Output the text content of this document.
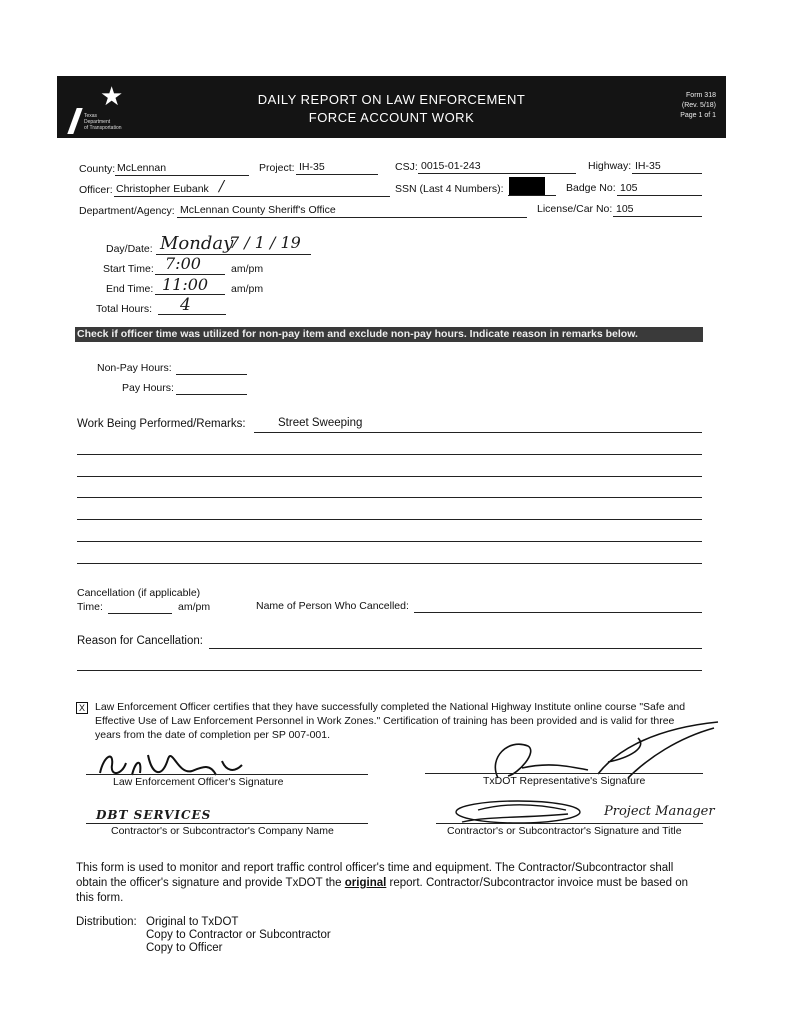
DAILY REPORT ON LAW ENFORCEMENT
FORCE ACCOUNT WORK
Form 318
(Rev. 5/18)
Page 1 of 1
★
Texas
Department
of Transportation
County: McLennan	Project: IH-35	CSJ: 0015-01-243	Highway: IH-35
Officer: Christopher Eubank /	SSN (Last 4 Numbers):	Badge No: 105
Department/Agency: McLennan County Sheriff's Office	License/Car No: 105
Day/Date: Monday
7 / 1 / 19
Start Time: 7:00	am/pm
End Time: 11:00 am/pm
Total Hours: 4
Check if officer time was utilized for non-pay item and exclude non-pay hours. Indicate reason in remarks below.
Non-Pay Hours:
Pay Hours:
Work Being Performed/Remarks:	Street Sweeping
Cancellation (if applicable)
Time:	am/pm	Name of Person Who Cancelled:
Reason for Cancellation:
X Law Enforcement Officer certifies that they have successfully completed the National Highway Institute online course "Safe and
Effective Use of Law Enforcement Personnel in Work Zones." Certification of training has been provided and is valid for three
years from the date of completion per SP 007-001.
Law Enforcement Officer's Signature	TxDOT Representative's Signature
DBT SERVICES
Contractor's or Subcontractor's Company Name
Project Manager
Contractor's or Subcontractor's Signature and Title
This form is used to monitor and report traffic control officer's time and equipment. The Contractor/Subcontractor shall
obtain the officer's signature and provide TxDOT the original report. Contractor/Subcontractor invoice must be based on
this form.
Distribution: Original to TxDOT
Copy to Contractor or Subcontractor
Copy to Officer
